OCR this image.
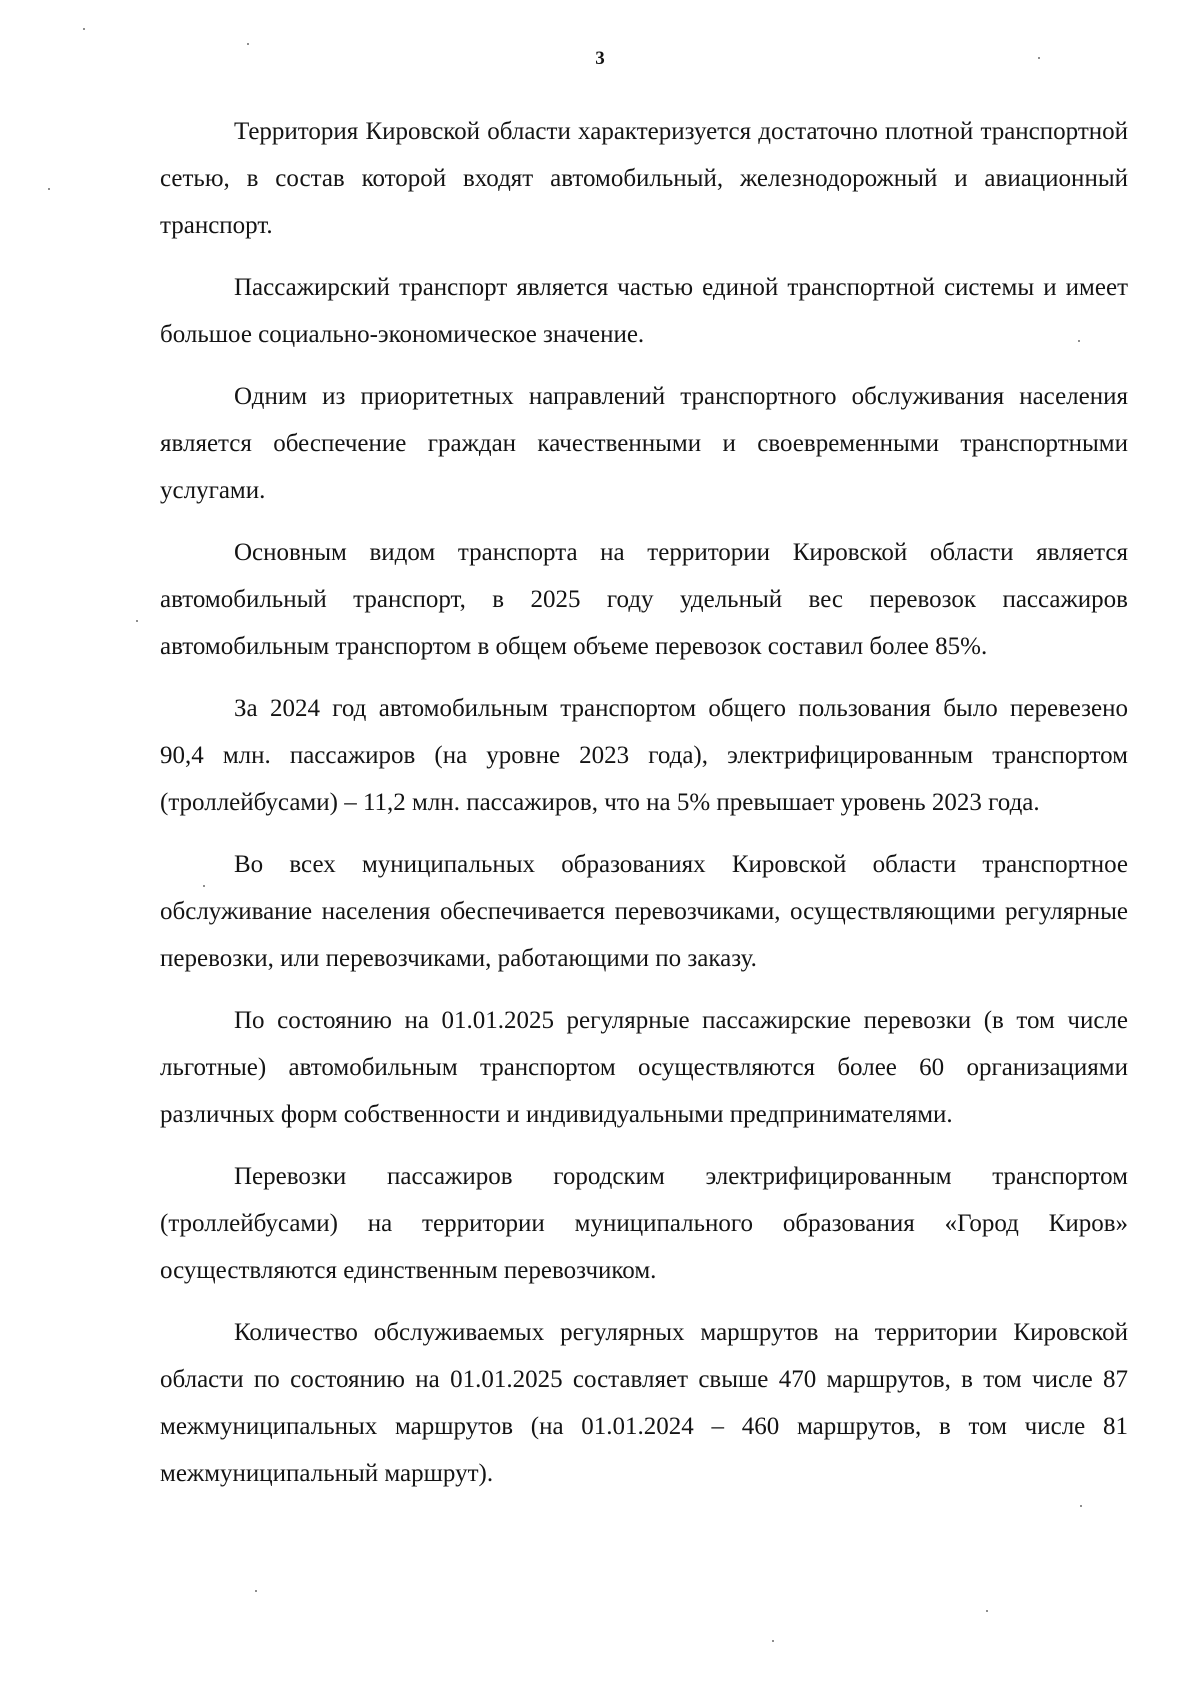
3

Территория Кировской области характеризуется достаточно плотной транспортной сетью, в состав которой входят автомобильный, железнодорожный и авиационный транспорт.

Пассажирский транспорт является частью единой транспортной системы и имеет большое социально-экономическое значение.

Одним из приоритетных направлений транспортного обслуживания населения является обеспечение граждан качественными и своевременными транспортными услугами.

Основным видом транспорта на территории Кировской области является автомобильный транспорт, в 2025 году удельный вес перевозок пассажиров автомобильным транспортом в общем объеме перевозок составил более 85%.

За 2024 год автомобильным транспортом общего пользования было перевезено 90,4 млн. пассажиров (на уровне 2023 года), электрифицированным транспортом (троллейбусами) – 11,2 млн. пассажиров, что на 5% превышает уровень 2023 года.

Во всех муниципальных образованиях Кировской области транспортное обслуживание населения обеспечивается перевозчиками, осуществляющими регулярные перевозки, или перевозчиками, работающими по заказу.

По состоянию на 01.01.2025 регулярные пассажирские перевозки (в том числе льготные) автомобильным транспортом осуществляются более 60 организациями различных форм собственности и индивидуальными предпринимателями.

Перевозки пассажиров городским электрифицированным транспортом (троллейбусами) на территории муниципального образования «Город Киров» осуществляются единственным перевозчиком.

Количество обслуживаемых регулярных маршрутов на территории Кировской области по состоянию на 01.01.2025 составляет свыше 470 маршрутов, в том числе 87 межмуниципальных маршрутов (на 01.01.2024 – 460 маршрутов, в том числе 81 межмуниципальный маршрут).
